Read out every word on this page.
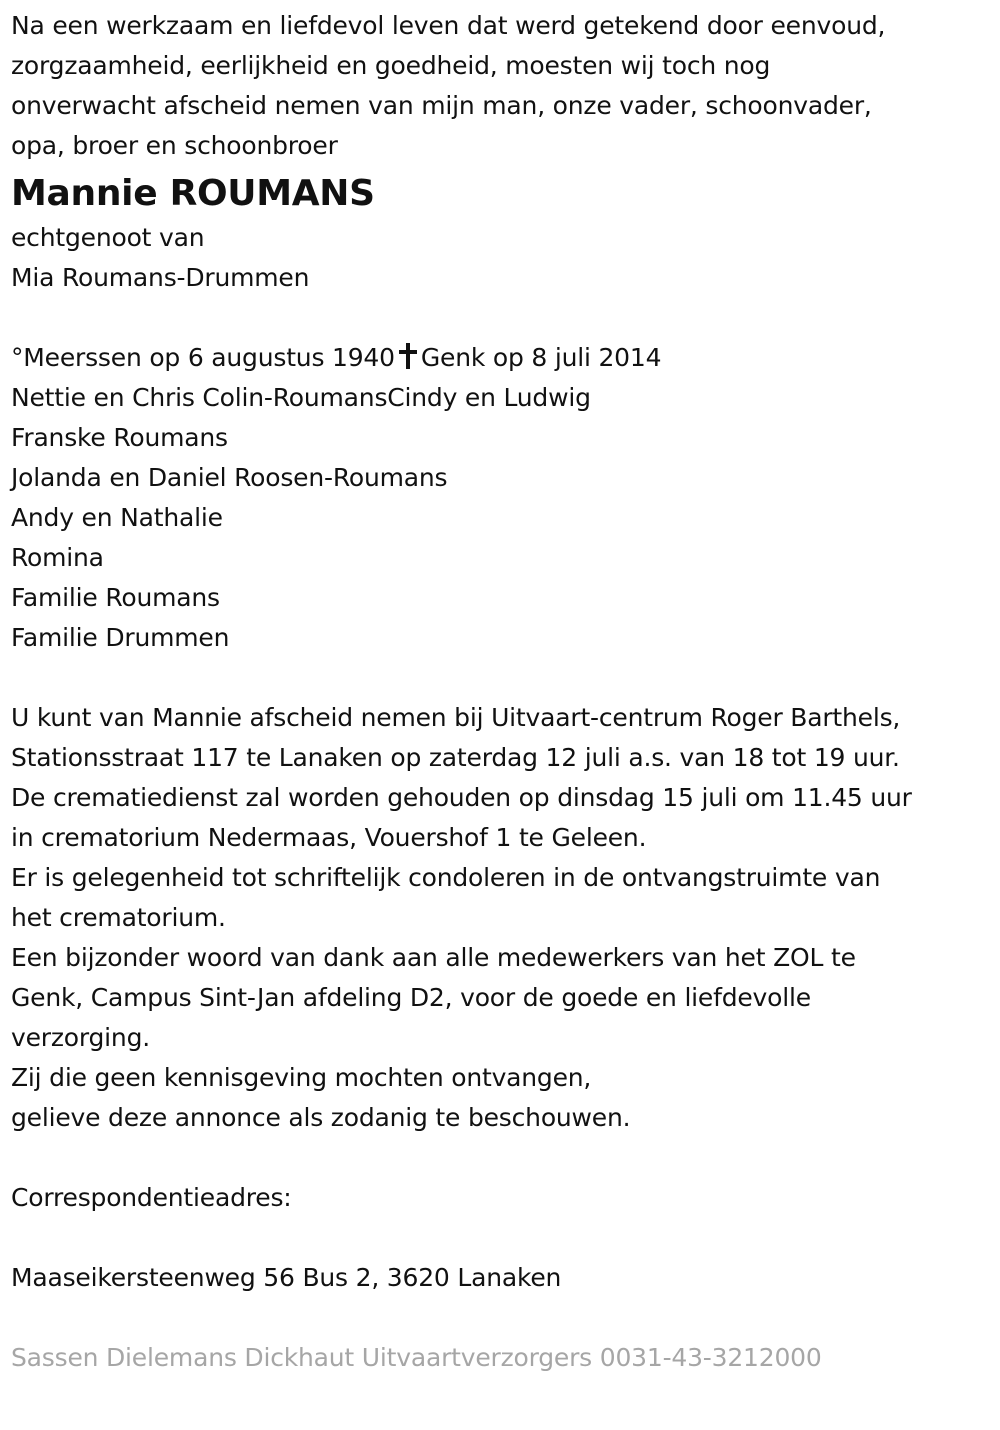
Na een werkzaam en liefdevol leven dat werd getekend door eenvoud,
zorgzaamheid, eerlijkheid en goedheid, moesten wij toch nog
onverwacht afscheid nemen van mijn man, onze vader, schoonvader,
opa, broer en schoonbroer
Mannie ROUMANS
echtgenoot van
Mia Roumans-Drummen
°Meerssen op 6 augustus 1940 Genk op 8 juli 2014
Nettie en Chris Colin-RoumansCindy en Ludwig
Franske Roumans
Jolanda en Daniel Roosen-Roumans
Andy en Nathalie
Romina
Familie Roumans
Familie Drummen
U kunt van Mannie afscheid nemen bij Uitvaart-centrum Roger Barthels,
Stationsstraat 117 te Lanaken op zaterdag 12 juli a.s. van 18 tot 19 uur.
De crematiedienst zal worden gehouden op dinsdag 15 juli om 11.45 uur
in crematorium Nedermaas, Vouershof 1 te Geleen.
Er is gelegenheid tot schriftelijk condoleren in de ontvangstruimte van
het crematorium.
Een bijzonder woord van dank aan alle medewerkers van het ZOL te
Genk, Campus Sint-Jan afdeling D2, voor de goede en liefdevolle
verzorging.
Zij die geen kennisgeving mochten ontvangen,
gelieve deze annonce als zodanig te beschouwen.
Correspondentieadres:
Maaseikersteenweg 56 Bus 2, 3620 Lanaken
Sassen Dielemans Dickhaut Uitvaartverzorgers 0031-43-3212000
